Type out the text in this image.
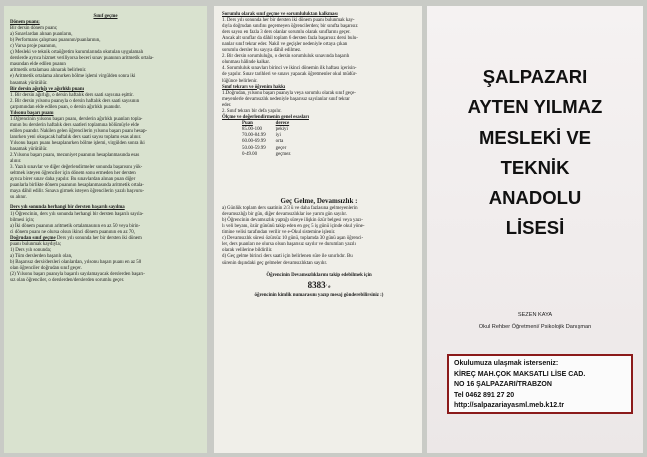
Sınıf geçme

Dönem puanı;

Bir dersin dönem puanı;

a) Sınavlardan alınan puanların,

b) Performans çalışması puanının/puanlarının,

c) Varsa proje puanının,

ç) Mesleki ve teknik ortaöğretim kurumlarında okutulan uygulamalı

derslerde ayrıca hizmet veriliyorsa beceri sınav puanının aritmetik ortala-

masından elde edilen puanın

aritmetik ortalaması alınarak belirlenir.

e) Aritmetik ortalama alınırken bölme işlemi virgülden sonra iki

basamak yürütülür.

Bir dersin ağırlığı ve ağırlıklı puanı

1. Bir dersin ağırlığı, o dersin haftalık ders saati sayısına eşittir.

2. Bir dersin yılsonu puanıyla o dersin haftalık ders saati sayısının

çarpımından elde edilen puan, o dersin ağırlıklı puanıdır.

Yılsonu başarı puanı

1.Öğrencinin yılsonu başarı puanı, derslerin ağırlıklı puanları topla-

mının bu derslerin haftalık ders saatleri toplamına bölümüyle elde

edilen puandır. Nakilen gelen öğrencilerin yılsonu başarı puanı hesap-

lanırken yeni okuşacak haftalık ders saati sayısı toplamı esas alınır.

Yılsonu başarı puanı hesaplanırken bölme işlemi, virgülden sonra iki

basamak yürütülür.

2.Yılsonu başarı puanı, mezuniyet puanının hesaplanmasında esas

alınır.

3. Yazılı sınavlar ve diğer değerlendirmeler sonunda başarısını yük-

seltmek isteyen öğrenciler için dönem sonu ermeden her dersten

ayrıca birer sınav daha yapılır. Bu sınavlardan alınan puan diğer

puanlarla birlikte dönem puanının hesaplanmasında aritmetik ortala-

maya dâhil edilir. Sınava girmek isteyen öğrencilerin yazılı başvuru-

su alınır.

Ders yılı sonunda herhangi bir dersten başarılı sayılma

1) Öğrencinin, ders yılı sonunda herhangi bir dersten başarılı sayıla-

bilmesi için;

a) İki dönem puanının aritmetik ortalamasının en az 50 veya birin-

ci dönem puanı ne olursa olsun ikinci dönem puanının en az 70,

Doğrudan sınıf geçme Ders yılı sonunda her bir dersten iki dönem

puanı bulunmak kaydıyla;

1) Ders yılı sonunda;

a) Tüm derslerden başarılı olan,

b) Başarısız dersi/dersleri olanlardan, yılsonu başarı puanı en az 50

olan öğrenciler doğrudan sınıf geçer.

(2) Yılsonu başarı puanıyla başarılı sayılamayacak derslerden başarı-

sız olan öğrenciler, o derslerden/derslerden sorumlu geçer.

Sorumlu olarak sınıf geçme ve sorumluluktan kalkması

1. Ders yılı sonunda her bir dersten iki dönem puanı bulunmak kay-

dıyla doğrudan sınıfını geçemeyen öğrencilerden; bir sınıfta başarısız

ders sayısı en fazla 3 ders olanlar sorumlu olarak sınıflarını geçer.

Ancak alt sınıflar da dâhil toplam 6 dersten fazla başarısız dersi bulu-

nanlar sınıf tekrar eder. Nakil ve geçişler nedeniyle ortaya çıkan

sorumlu dersler bu sayıya dâhil edilmez.

2. Bir dersin sorumluluğu, o dersin sorumluluk sınavında başarılı

olunması hâlinde kalkar.

4. Sorumluluk sınavları birinci ve ikinci dönemin ilk haftası içerisin-

de yapılır. Sınav tarihleri ve sınavı yapacak öğretmenler okul müdür-

lüğünce belirlenir.

Sınıf tekrarı ve öğrenim hakkı

1.Doğrudan, yılsonu başarı puanıyla veya sorumlu olarak sınıf geçe-

meyenlerle devamsızlık nedeniyle başarısız sayılanlar sınıf tekrar

eder.

2. Sınıf tekrarı bir defa yapılır.

Ölçme ve değerlendirmenin genel esasları

Puan	derece
85.00-100	pekiyi
70.00-84.99	iyi
60.00-69.99	orta
50.00-59.99	geçer
0-49.00	geçmez
Geç Gelme, Devamsızlık :

a) Günlük toplam ders saatinin 2/3 ü ve daha fazlasına gelmeyenlerin

devamsızlığı bir gün, diğer devamsızlıklar ise yarım gün sayılır.

b) Öğrencinin devamsızlık yaptığı süreye ilişkin özür belgesi veya yazı-

lı veli beyanı, özür gününü takip eden en geç 5 iş günü içinde okul yöne-

timine velisi tarafından verilir ve e-Okul sistemine işlenir.

c) Devamsızlık süresi özürsüz 10 günü, toplamda 30 günü aşan öğrenci-

ler, ders puanları ne olursa olsun başarısız sayılır ve durumları yazılı

olarak velilerine bildirilir.

d) Geç gelme birinci ders saati için belirlenen süre ile sınırlıdır. Bu

sürenin dışındaki geç gelmeler devamsızlıktan sayılır.

Öğrencinin Devamsızlıklarını takip edebilmek için

8383' e

öğrencinin kimlik numarasını yazıp mesaj gönderebilirsiniz :)

ŞALPAZARI
AYTEN YILMAZ
MESLEKİ VE
TEKNİK
ANADOLU
LİSESİ
SEZEN KAYA
Okul Rehber Öğretmeni/ Psikolojik Danışman
Okulumuza ulaşmak isterseniz:
KİREÇ MAH.ÇOK MAKSATLI LİSE CAD.
NO 16 ŞALPAZARI/TRABZON
Tel 0462 891 27 20
http://salpazariayasml.meb.k12.tr
